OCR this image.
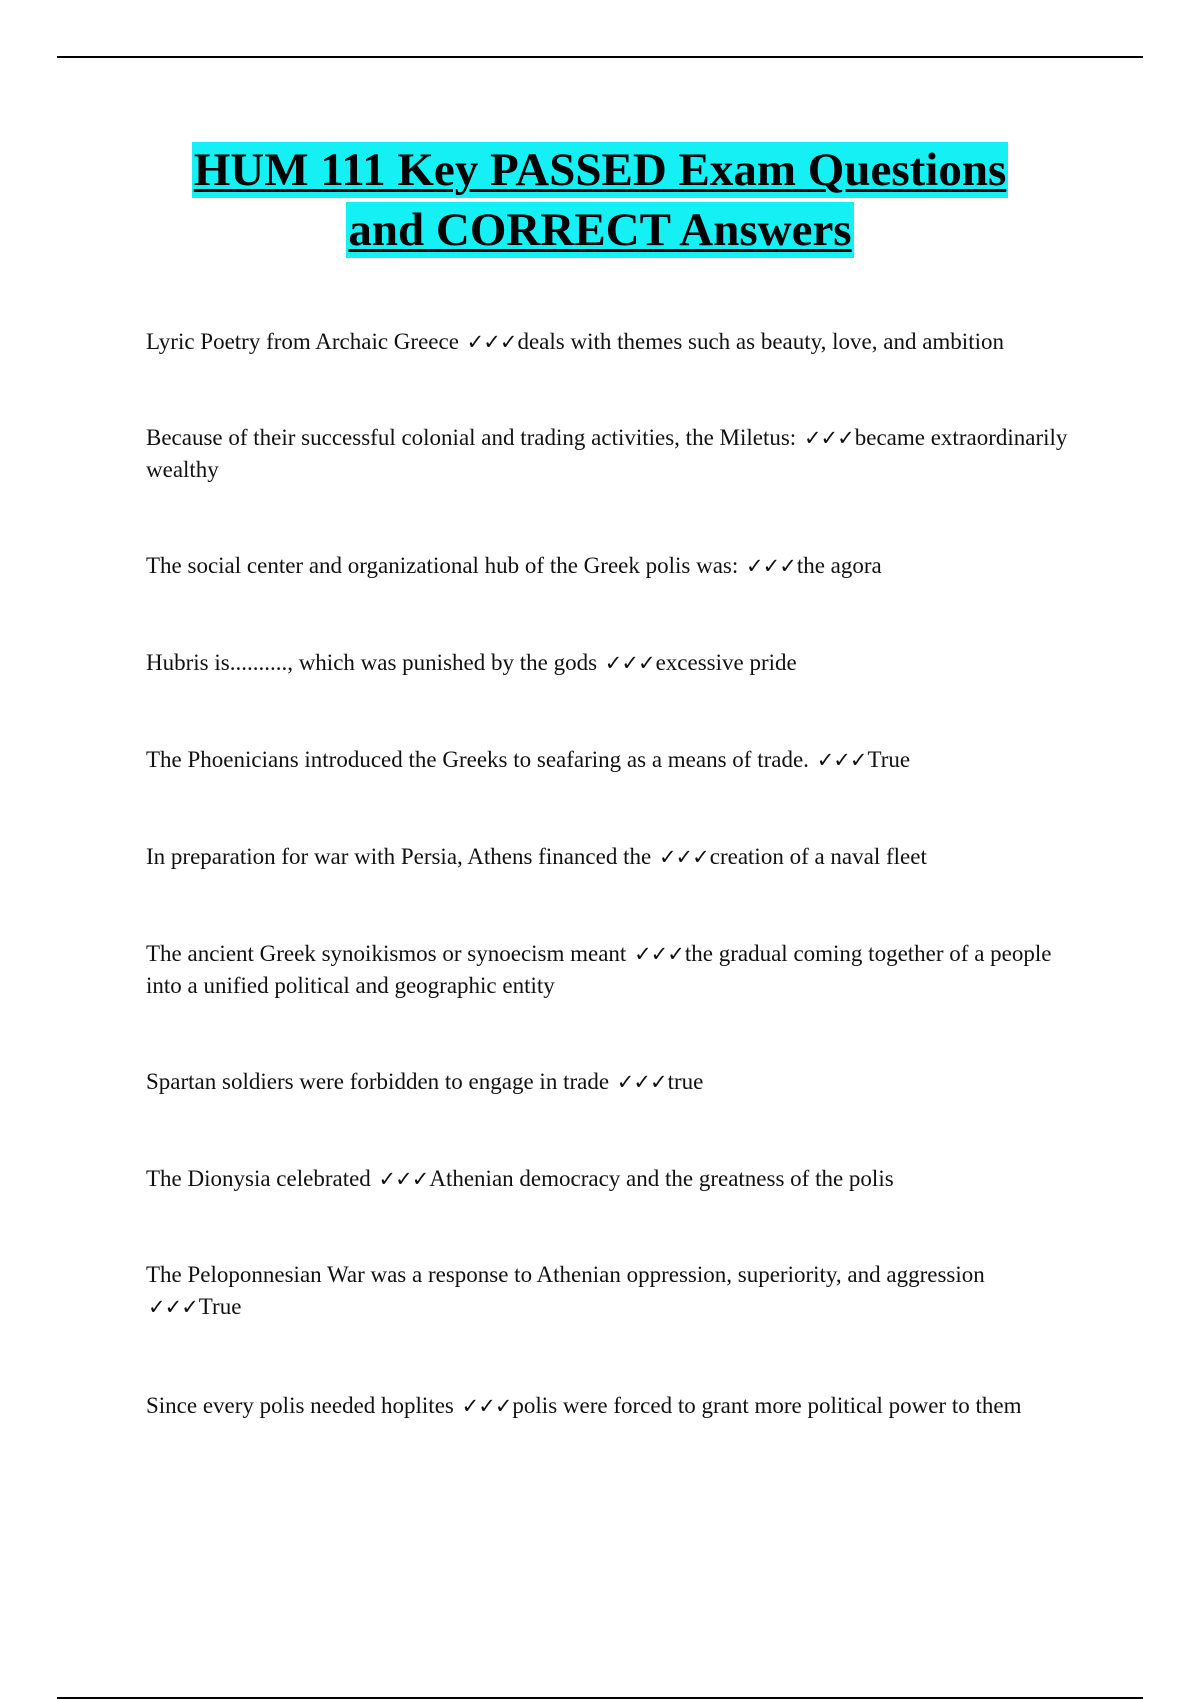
HUM 111 Key PASSED Exam Questions
and CORRECT Answers
Lyric Poetry from Archaic Greece ✓✓✓deals with themes such as beauty, love, and ambition
Because of their successful colonial and trading activities, the Miletus: ✓✓✓became extraordinarily wealthy
The social center and organizational hub of the Greek polis was: ✓✓✓the agora
Hubris is.........., which was punished by the gods ✓✓✓excessive pride
The Phoenicians introduced the Greeks to seafaring as a means of trade. ✓✓✓True
In preparation for war with Persia, Athens financed the ✓✓✓creation of a naval fleet
The ancient Greek synoikismos or synoecism meant ✓✓✓the gradual coming together of a people into a unified political and geographic entity
Spartan soldiers were forbidden to engage in trade ✓✓✓true
The Dionysia celebrated ✓✓✓Athenian democracy and the greatness of the polis
The Peloponnesian War was a response to Athenian oppression, superiority, and aggression ✓✓✓True
Since every polis needed hoplites ✓✓✓polis were forced to grant more political power to them
